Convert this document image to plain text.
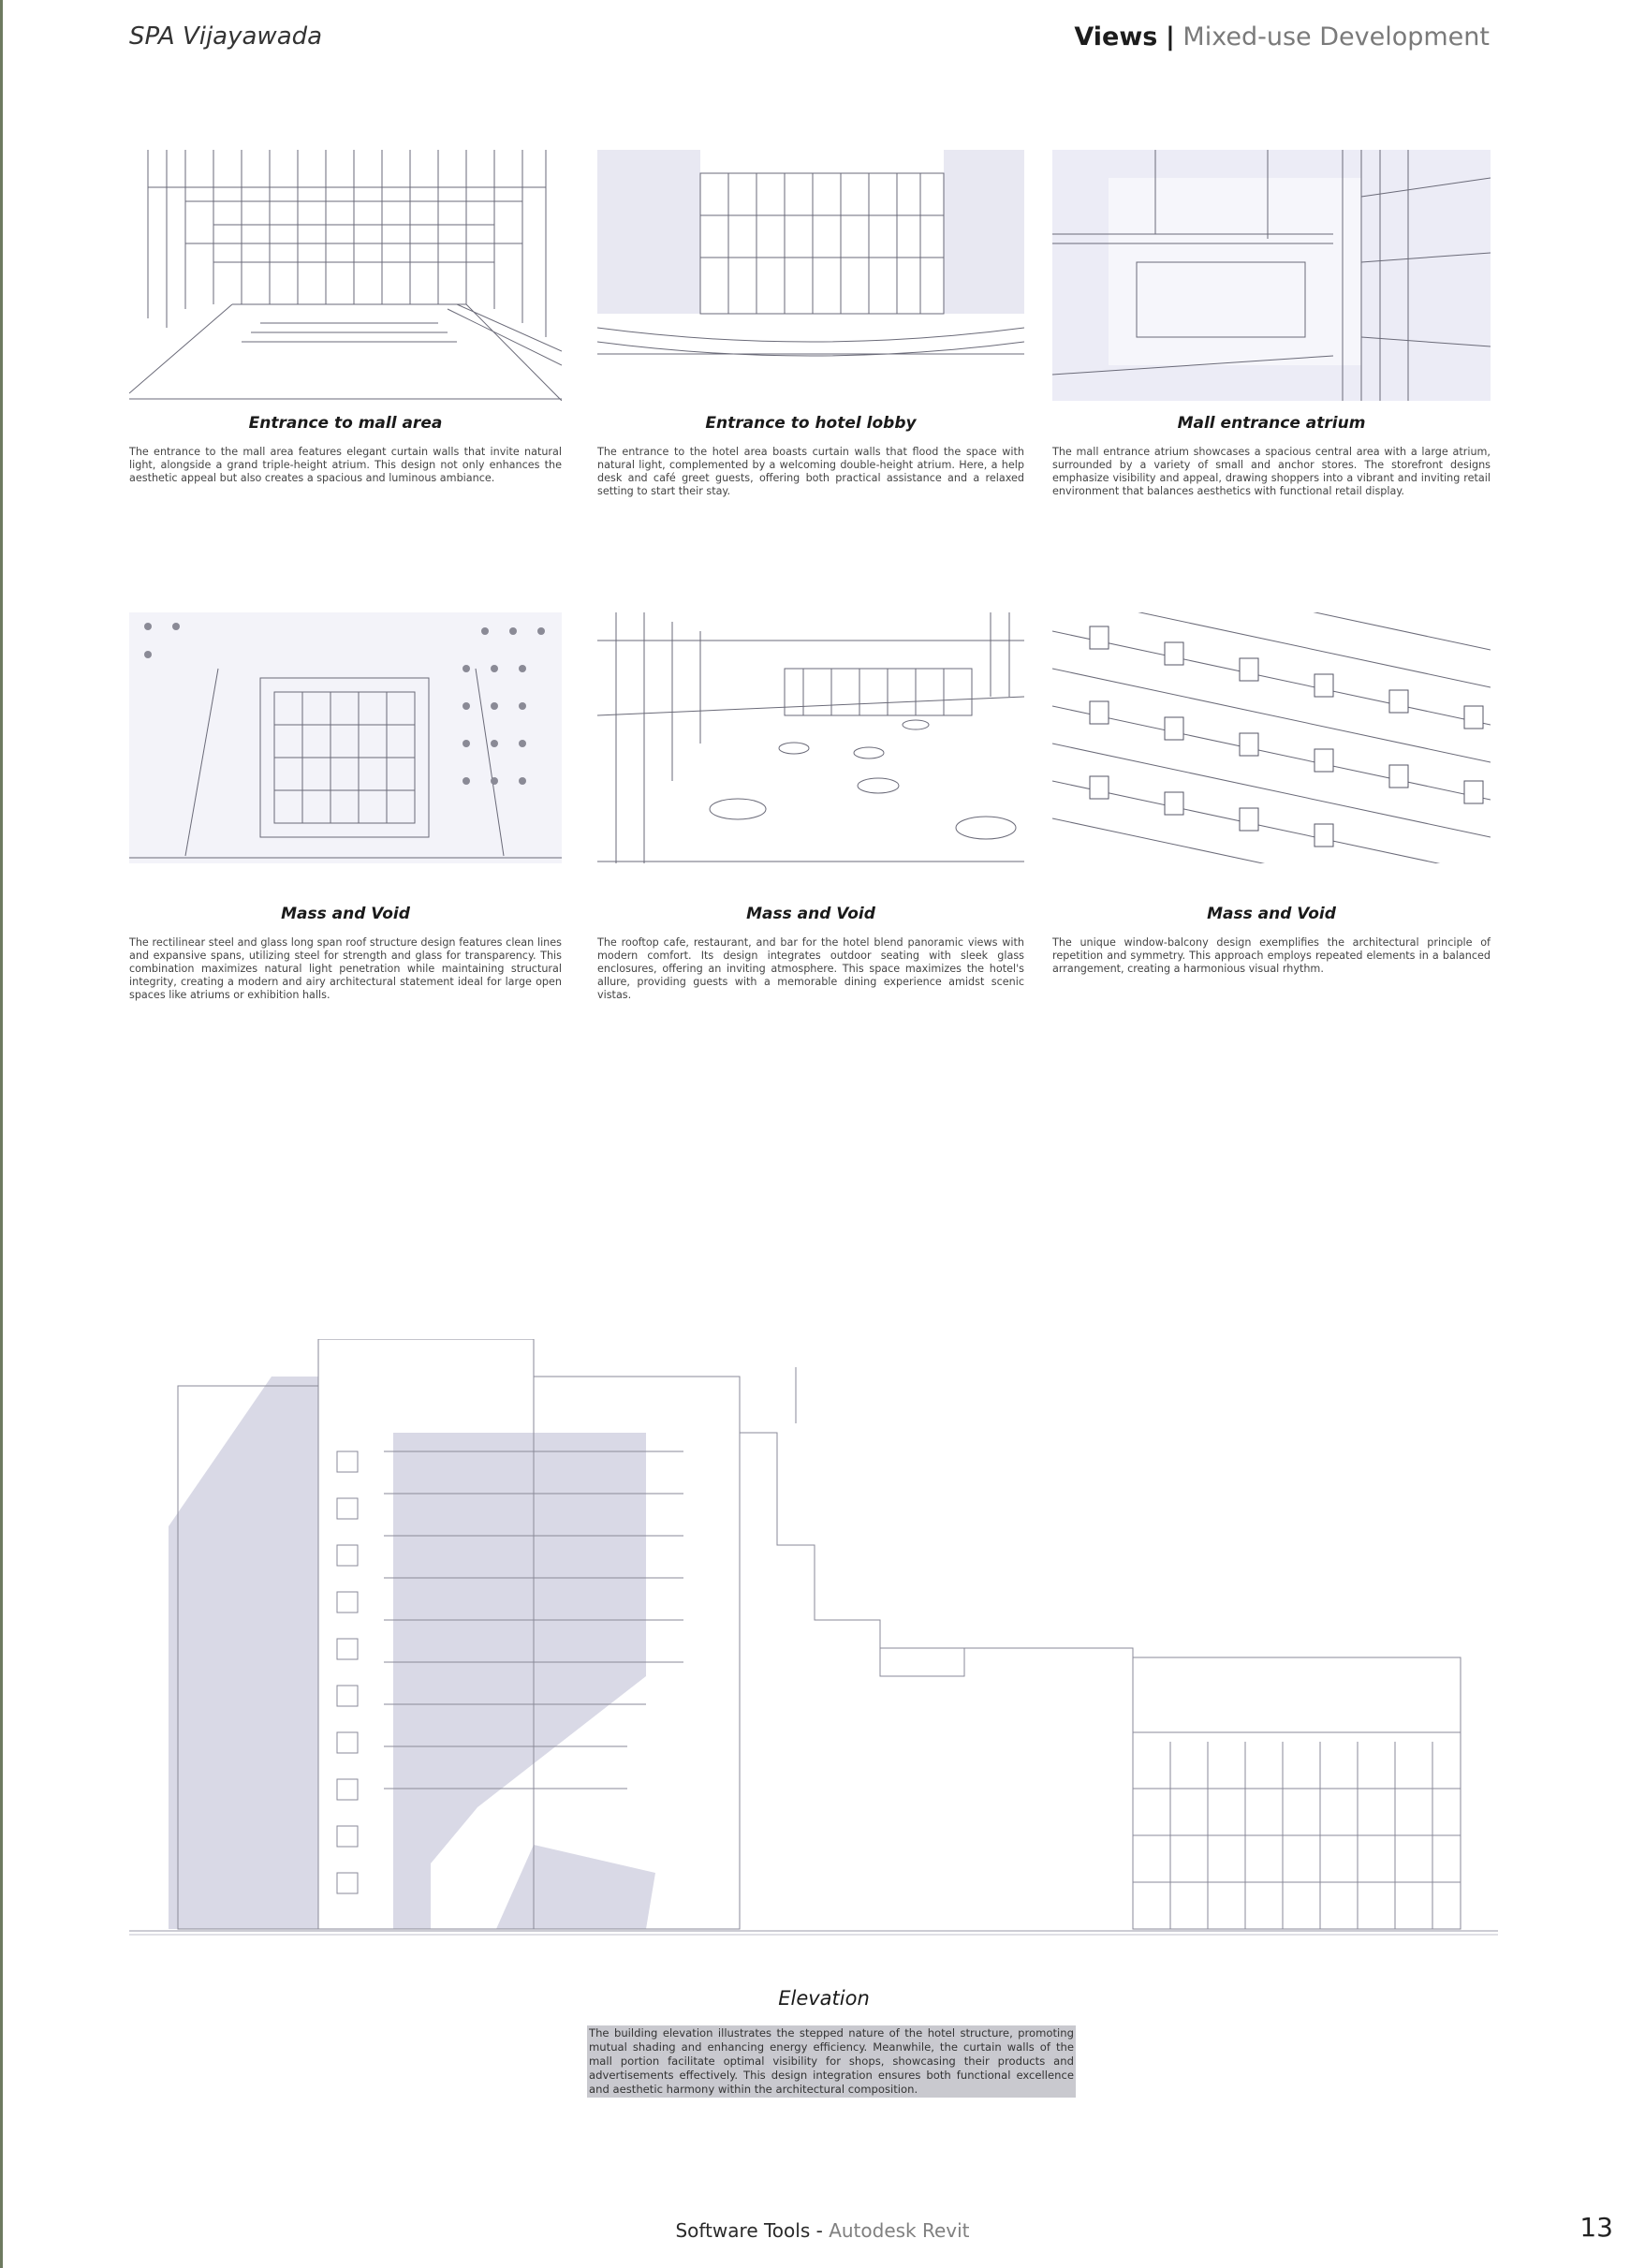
SPA Vijayawada	Views | Mixed-use Development
Entrance to mall area	Entrance to hotel lobby	Mall entrance atrium
The entrance to the mall area features elegant curtain walls that invite natural light, alongside a grand triple-height atrium. This design not only enhances the aesthetic appeal but also creates a spacious and luminous ambiance.
The entrance to the hotel area boasts curtain walls that flood the space with natural light, complemented by a welcoming double-height atrium. Here, a help desk and café greet guests, offering both practical assistance and a relaxed setting to start their stay.
The mall entrance atrium showcases a spacious central area with a large atrium, surrounded by a variety of small and anchor stores. The storefront designs emphasize visibility and appeal, drawing shoppers into a vibrant and inviting retail environment that balances aesthetics with functional retail display.
Mass and Void	Mass and Void	Mass and Void
The rectilinear steel and glass long span roof structure design features clean lines and expansive spans, utilizing steel for strength and glass for transparency. This combination maximizes natural light penetration while maintaining structural integrity, creating a modern and airy architectural statement ideal for large open spaces like atriums or exhibition halls.
The rooftop cafe, restaurant, and bar for the hotel blend panoramic views with modern comfort. Its design integrates outdoor seating with sleek glass enclosures, offering an inviting atmosphere. This space maximizes the hotel's allure, providing guests with a memorable dining experience amidst scenic vistas.
The unique window-balcony design exemplifies the architectural principle of repetition and symmetry. This approach employs repeated elements in a balanced arrangement, creating a harmonious visual rhythm.
Elevation
The building elevation illustrates the stepped nature of the hotel structure, promoting mutual shading and enhancing energy efficiency. Meanwhile, the curtain walls of the mall portion facilitate optimal visibility for shops, showcasing their products and advertisements effectively. This design integration ensures both functional excellence and aesthetic harmony within the architectural composition.
Software Tools - Autodesk Revit	13
